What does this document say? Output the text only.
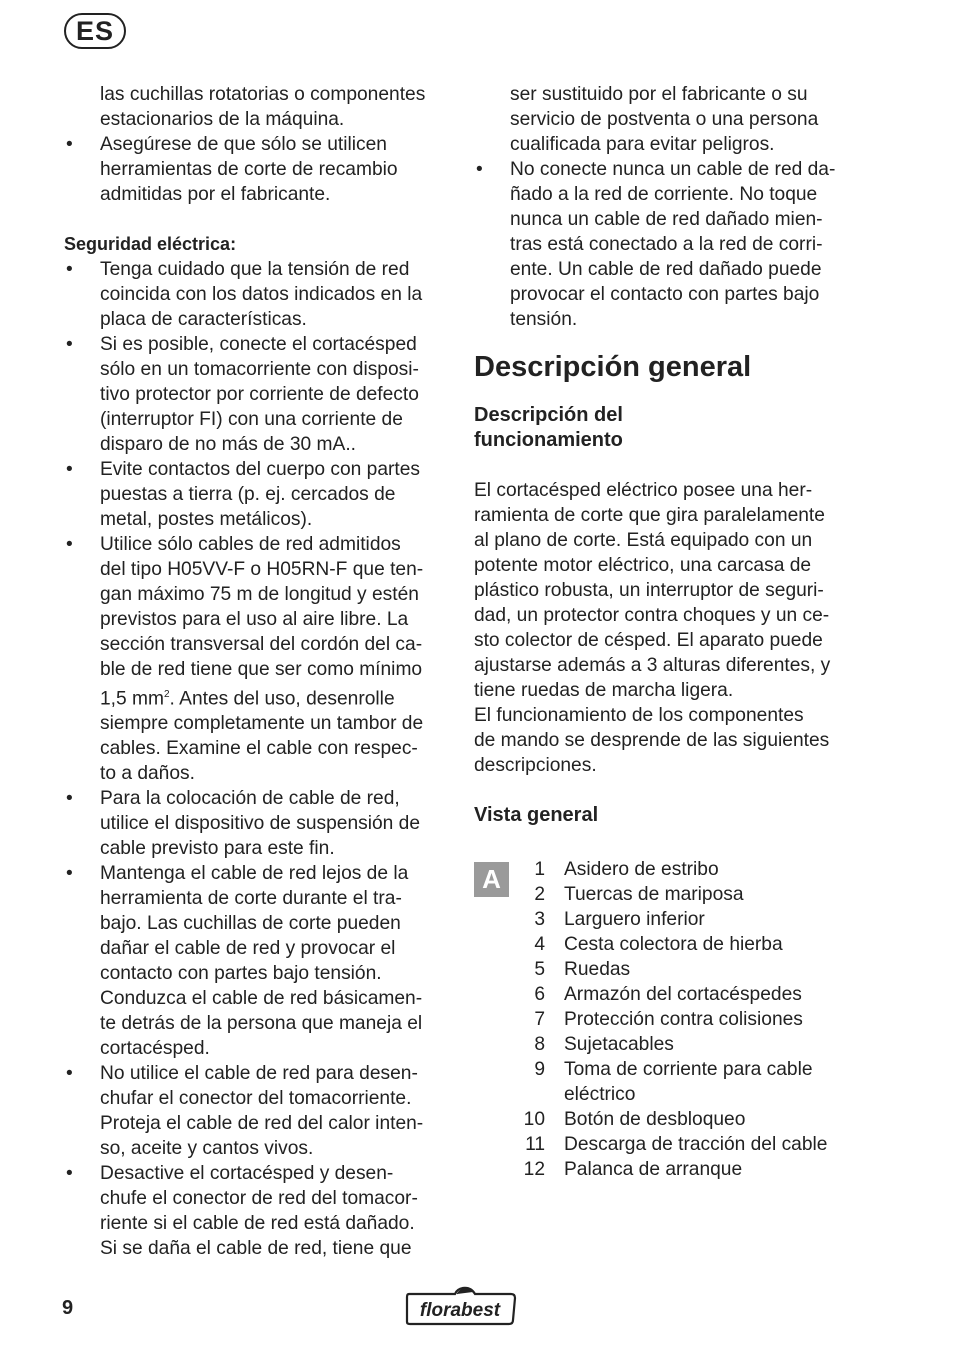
ES
las cuchillas rotatorias o componentes
estacionarios de la máquina.
• Asegúrese de que sólo se utilicen
herramientas de corte de recambio
admitidas por el fabricante.

Seguridad eléctrica:

• Tenga cuidado que la tensión de red
coincida con los datos indicados en la
placa de características.
• Si es posible, conecte el cortacésped
sólo en un tomacorriente con disposi-
tivo protector por corriente de defecto
(interruptor FI) con una corriente de
disparo de no más de 30 mA..
• Evite contactos del cuerpo con partes
puestas a tierra (p. ej. cercados de
metal, postes metálicos).
• Utilice sólo cables de red admitidos
del tipo H05VV-F o H05RN-F que ten-
gan máximo 75 m de longitud y estén
previstos para el uso al aire libre. La
sección transversal del cordón del ca-
ble de red tiene que ser como mínimo
1,5 $mm^2$. Antes del uso, desenrolle
siempre completamente un tambor de
cables. Examine el cable con respec-
to a daños.
• Para la colocación de cable de red,
utilice el dispositivo de suspensión de
cable previsto para este fin.
• Mantenga el cable de red lejos de la
herramienta de corte durante el tra-
bajo. Las cuchillas de corte pueden
dañar el cable de red y provocar el
contacto con partes bajo tensión.
Conduzca el cable de red básicamen-
te detrás de la persona que maneja el
cortacésped.
• No utilice el cable de red para desen-
chufar el conector del tomacorriente.
Proteja el cable de red del calor inten-
so, aceite y cantos vivos.
• Desactive el cortacésped y desen-
chufe el conector de red del tomacor-
riente si el cable de red está dañado.
Si se daña el cable de red, tiene que
ser sustituido por el fabricante o su
servicio de postventa o una persona
cualificada para evitar peligros.
• No conecte nunca un cable de red da-
ñado a la red de corriente. No toque
nunca un cable de red dañado mien-
tras está conectado a la red de corri-
ente. Un cable de red dañado puede
provocar el contacto con partes bajo
tensión.
Descripción general
Descripción del
funcionamiento
El cortacésped eléctrico posee una her-
ramienta de corte que gira paralelamente
al plano de corte. Está equipado con un
potente motor eléctrico, una carcasa de
plástico robusta, un interruptor de seguri-
dad, un protector contra choques y un ce-
sto colector de césped. El aparato puede
ajustarse además a 3 alturas diferentes, y
tiene ruedas de marcha ligera.
El funcionamiento de los componentes
de mando se desprende de las siguientes
descripciones.
Vista general
A	1 Asidero de estribo
2 Tuercas de mariposa
3 Larguero inferior
4 Cesta colectora de hierba
5 Ruedas
6 Armazón del cortacéspedes
7 Protección contra colisiones
8 Sujetacables
9 Toma de corriente para cable
eléctrico
10 Botón de desbloqueo
11 Descarga de tracción del cable
12 Palanca de arranque
9	florabest
